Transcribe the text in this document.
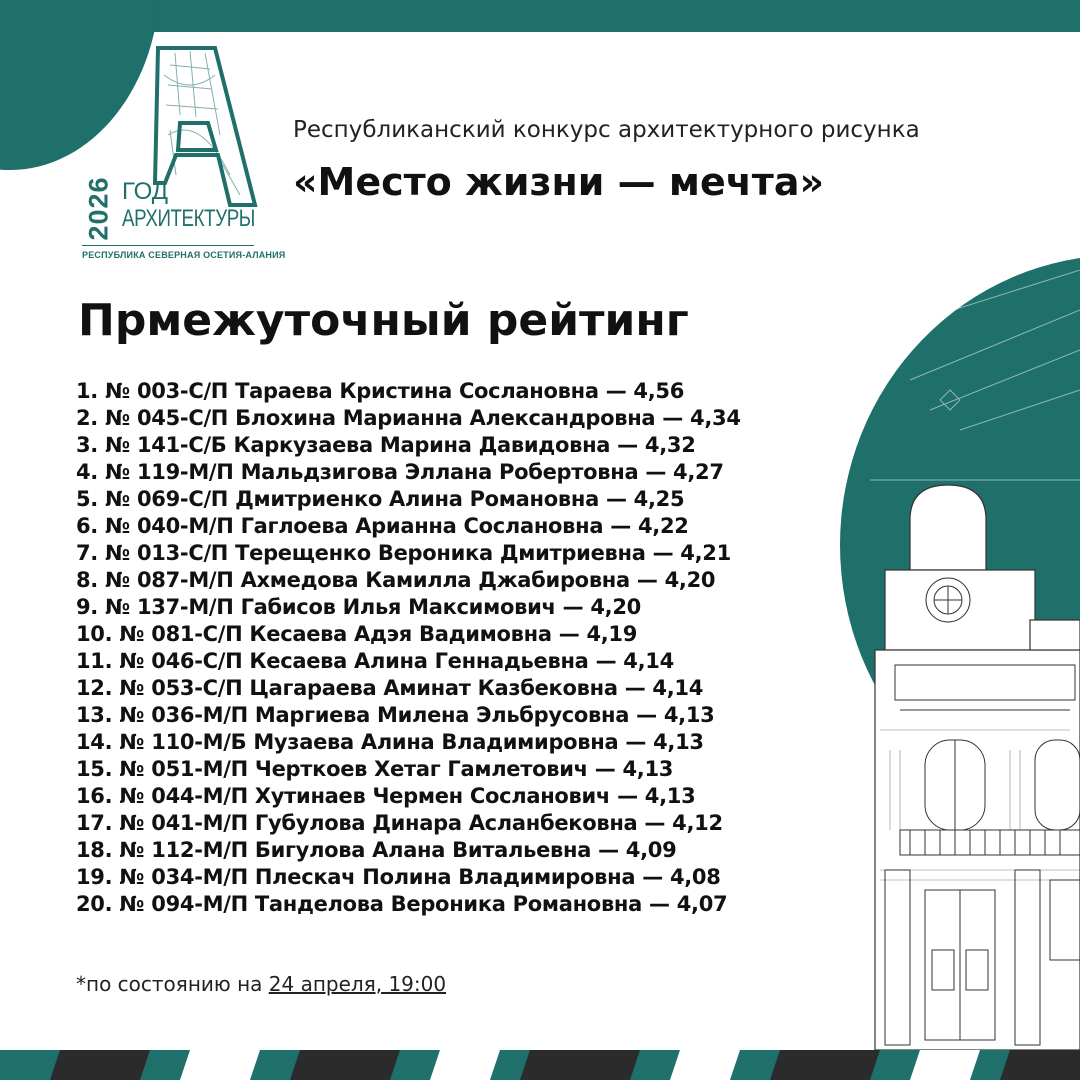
2026 ГОД
АРХИТЕКТУРЫ
РЕСПУБЛИКА СЕВЕРНАЯ ОСЕТИЯ-АЛАНИЯ
Республиканский конкурс архитектурного рисунка
«Место жизни — мечта»
Прмежуточный рейтинг
1. № 003-С/П Тараева Кристина Сослановна — 4,56
2. № 045-С/П Блохина Марианна Александровна — 4,34
3. № 141-С/Б Каркузаева Марина Давидовна — 4,32
4. № 119-М/П Мальдзигова Эллана Робертовна — 4,27
5. № 069-С/П Дмитриенко Алина Романовна — 4,25
6. № 040-М/П Гаглоева Арианна Сослановна — 4,22
7. № 013-С/П Терещенко Вероника Дмитриевна — 4,21
8. № 087-М/П Ахмедова Камилла Джабировна — 4,20
9. № 137-М/П Габисов Илья Максимович — 4,20
10. № 081-С/П Кесаева Адэя Вадимовна — 4,19
11. № 046-С/П Кесаева Алина Геннадьевна — 4,14
12. № 053-С/П Цагараева Аминат Казбековна — 4,14
13. № 036-М/П Маргиева Милена Эльбрусовна — 4,13
14. № 110-М/Б Музаева Алина Владимировна — 4,13
15. № 051-М/П Черткоев Хетаг Гамлетович — 4,13
16. № 044-М/П Хутинаев Чермен Сосланович — 4,13
17. № 041-М/П Губулова Динара Асланбековна — 4,12
18. № 112-М/П Бигулова Алана Витальевна — 4,09
19. № 034-М/П Плескач Полина Владимировна — 4,08
20. № 094-М/П Танделова Вероника Романовна — 4,07
*по состоянию на 24 апреля, 19:00
